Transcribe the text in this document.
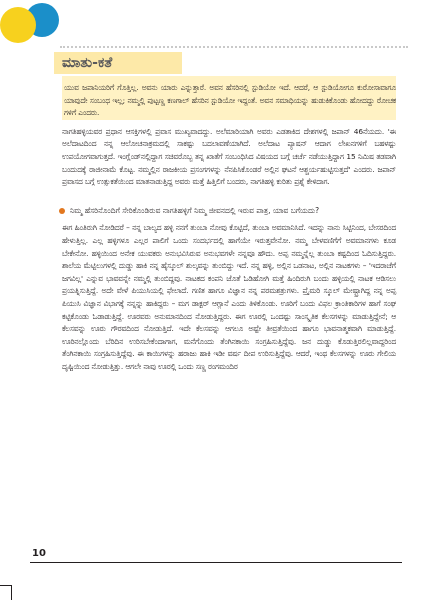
ಮಾತು-ಕತೆ

ಯುವ ಜಪಾನಿಯರಿಗೆ ಗೊತ್ತಿಲ್ಲ. ಅವನು ಯಾರು ಎನ್ನುತ್ತಾರೆ. ಅವನ ಹೆಸರಿನಲ್ಲಿ ಸ್ಟುಡಿಯೋ ಇದೆ. ಆದರೆ, ಆ ಸ್ಟುಡಿಯೋಗೂ ಕುರೋಸಾವಾಗೂ ಯಾವುದೇ ಸಂಬಂಧ ಇಲ್ಲ; ನಮ್ಮಲ್ಲಿ ಪುಟ್ಟಣ್ಣ ಕಣಗಾಲ್ ಹೆಸರಿನ ಸ್ಟುಡಿಯೋ ಇದ್ದಂತೆ. ಅವನ ಸಮಾಧಿಯನ್ನು ಹುಡುಕಿಕೊಂಡು ಹೋದದ್ದು ರೋಚಕ ಗಳಿಗೆ ಎಂದರು.

ನಾಗತಿಹಳ್ಳಿಯವರ ಪ್ರಧಾನ ಆಸಕ್ತಿಗಳಲ್ಲಿ ಪ್ರವಾಸ ಮುಖ್ಯವಾದದ್ದು. ಅಲೆಮಾರಿಯಾಗಿ ಅವರು ಎಡತಾಕಿದ ದೇಶಗಳಲ್ಲಿ ಜಪಾನ್ 46ನೆಯದು. 'ಈ ಅಲೆದಾಟದಿಂದ ನನ್ನ ಆಲೋಚನಾಕ್ರಮದಲ್ಲಿ ಸಾಕಷ್ಟು ಬದಲಾವಣೆಯಾಗಿದೆ. ಅಲೆದಾಟ ಪ್ಯಾಷನ್ ಆದಾಗ ಲೇಖನಗಳಿಗೆ ಬಹಳಷ್ಟು ಉಪಯೋಗವಾಗುತ್ತದೆ. ಇಂಗ್ಲೆಂಡ್‌ನಲ್ಲಿದ್ದಾಗ ಸಚಿವರೊಬ್ಬ ತನ್ನ ಖಾತೆಗೆ ಸಂಬಂಧಿಸಿದ ವಿಷಯದ ಬಗ್ಗೆ ಚರ್ಚೆ ನಡೆಯುತ್ತಿದ್ದಾಗ 15 ನಿಮಿಷ ತಡವಾಗಿ ಬಂದುದಕ್ಕೆ ರಾಜೀನಾಮೆ ಕೊಟ್ಟ. ನಮ್ಮಲ್ಲಿನ ರಾಜಕೀಯ ಪ್ರಸಂಗಗಳನ್ನು ನೆನಪಿಸಿಕೊಂಡರೆ ಅಲ್ಲಿನ ಘಟನೆ ಆಶ್ಚರ್ಯಹುಟ್ಟಿಸುತ್ತದೆ' ಎಂದರು. ಜಪಾನ್ ಪ್ರವಾಸದ ಬಗ್ಗೆ ಉತ್ಸುಕತೆಯಿಂದ ಮಾತನಾಡುತ್ತಿದ್ದ ಅವರು ಮತ್ತೆ ಹಿತ್ತಿಲಿಗೆ ಬಂದರು, ನಾಗತಿಹಳ್ಳಿ ಕುರಿತು ಪ್ರಶ್ನೆ ಕೇಳಿದಾಗ.

ನಿಮ್ಮ ಹೆಸರಿನೊಂದಿಗೆ ಸೇರಿಕೊಂಡಿರುವ ನಾಗತಿಹಳ್ಳಿಗೆ ನಿಮ್ಮ ಜೀವನದಲ್ಲಿ ಇರುವ ಪಾತ್ರ, ಯಾವ ಬಗೆಯದು?

ಈಗ ಹಿಂತಿರುಗಿ ನೋಡಿದರೆ – ನನ್ನ ಬಾಲ್ಯದ ಹಳ್ಳಿ ನನಗೆ ತುಂಬಾ ನೋವು ಕೊಟ್ಟಿದೆ, ತುಂಬಾ ಅವಮಾನಿಸಿದೆ. ಇದನ್ನು ನಾನು ಸಿಟ್ಟಿನಿಂದ, ಬೇಸರದಿಂದ ಹೇಳುತ್ತಿಲ್ಲ. ಎಲ್ಲ ಹಳ್ಳಿಗಳೂ ಎಲ್ಲರ ಪಾಲಿಗೆ ಒಂದು ಸಂದರ್ಭದಲ್ಲಿ ಹಾಗೆಯೇ ಇರುತ್ತವೇನೋ. ನಮ್ಮ ಬೇಳವಣಿಗೆಗೆ ಅವಮಾನಗಳು ಕೂಡ ಬೇಕೇನೋ. ಹಳ್ಳಿಯಿಂದ ಅನೇಕ ಯುವಕರು ಅನುಭವಿಸಿರುವ ಅನುಭವಗಳೇ ನನ್ನವೂ ಹೌದು. ಅಪ್ಪ ನಮ್ಮನ್ನೆಲ್ಲ ತುಂಬಾ ಕಷ್ಟದಿಂದ ಓದಿಸುತ್ತಿದ್ದರು. ಶಾಲೆಯ ಮೆಟ್ಟಿಲುಗಳಲ್ಲಿ ದುಡ್ಡು ಹಾಕಿ ನನ್ನ ಹೈಸ್ಕೂಲ್ ಶುಲ್ಕವನ್ನು ತುಂಬಿದ್ದು ಇದೆ. ನನ್ನ ಹಳ್ಳಿ, ಅಲ್ಲಿನ ಒಡನಾಟ, ಅಲ್ಲಿನ ನಾಟಕಗಳು – 'ಇದರಾಚೆಗೆ ಜಗವಿಲ್ಲ' ಎನ್ನುವ ಭಾವವನ್ನೇ ನಮ್ಮಲ್ಲಿ ತುಂಬಿದ್ದವು. ನಾಟಕದ ಕಂಪನಿ ಜೊತೆ ಓಡಿಹೋಗಿ ಮತ್ತೆ ಹಿಂದಿರುಗಿ ಬಂದು ಹಳ್ಳಿಯಲ್ಲಿ ನಾಟಕ ಆಡಿಸಲು ಪ್ರಯತ್ನಿಸುತ್ತಿದ್ದೆ. ಅದೇ ವೇಳೆ ಪಿಯುಸಿಯಲ್ಲಿ ಫೇಲಾದೆ. ಗಣಿತ ಹಾಗೂ ವಿಜ್ಞಾನ ನನ್ನ ಪರಮಶತ್ರುಗಳು. ಪ್ರೈಮರಿ ಸ್ಕೂಲ್ ಮೇಷ್ಟ್ರಾಗಿದ್ದ ನನ್ನ ಅಪ್ಪ ಪಿಯುಸಿ ವಿಜ್ಞಾನ ವಿಭಾಗಕ್ಕೆ ನನ್ನನ್ನು ಹಾಕಿದ್ದರು – ಮಗ ಡಾಕ್ಟರ್ ಆಗ್ಲಾನೆ ಎಂದು ತಿಳಿಕೊಂಡು. ಊರಿಗೆ ಬಂದು ವಿಫಲ ಕ್ರಾಂತಿಕಾರಿಗಳ ಹಾಗೆ ಸಂಘ ಕಟ್ಟಿಕೊಂಡು ಓಡಾಡುತ್ತಿದ್ದೆ. ಊರವರು ಅನುಮಾನದಿಂದ ನೋಡುತ್ತಿದ್ದರು. ಈಗ ಊರಲ್ಲಿ ಒಂದಷ್ಟು ಸಾಂಸ್ಕೃತಿಕ ಕೆಲಸಗಳನ್ನು ಮಾಡುತ್ತಿದ್ದೇನೆ; ಆ ಕೆಲಸವನ್ನು ಊರು ಗೌರವದಿಂದ ನೋಡುತ್ತಿದೆ. ಇದೇ ಕೆಲಸವನ್ನು ಆಗಲೂ ಅಷ್ಟೇ ತೀವ್ರತೆಯಿಂದ ಹಾಗೂ ಭಾವನಾತ್ಮಕವಾಗಿ ಮಾಡುತ್ತಿದ್ದೆ. ಊರಿನಲ್ಲೊಂದು ಬೆರಿದಿನ ಉರಿಸಬೇಕೆಂದಾಗಾಗ, ಮನೆಗೊಂದು ತೆಂಗಿನಕಾಯಿ ಸಂಗ್ರಹಿಸುತ್ತಿದ್ದೆವು. ಜನ ದುಡ್ಡು ಕೊಡುತ್ತಿರಲಿಲ್ಲವಾದ್ದರಿಂದ ತೆಂಗಿನಕಾಯಿ ಸಂಗ್ರಹಿಸುತ್ತಿದ್ದೆವು. ಈ ಕಾಯಿಗಳನ್ನು ಹರಾಜು ಹಾಕಿ ಇಡೀ ವರ್ಷ ದೀಪ ಉರಿಸುತ್ತಿದ್ದೆವು. ಆದರೆ, ಇಂಥ ಕೆಲಸಗಳನ್ನು ಊರು ಗೇಲಿಯ ದೃಷ್ಟಿಯಿಂದ ನೋಡುತ್ತಿತ್ತು. ಆಗಲೇ ನಾವು ಊರಲ್ಲಿ ಒಂದು ಸಣ್ಣ ರಂಗಮಂದಿರ

10
